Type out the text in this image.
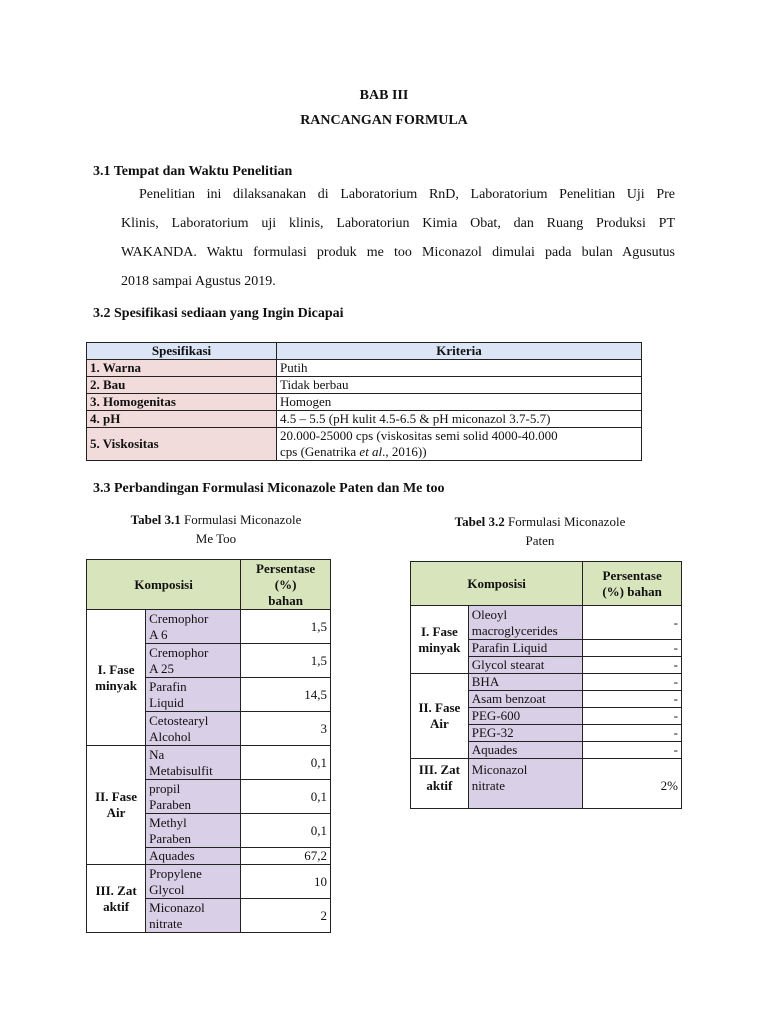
BAB III
RANCANGAN FORMULA
3.1 Tempat dan Waktu Penelitian
Penelitian ini dilaksanakan di Laboratorium RnD, Laboratorium Penelitian Uji Pre
Klinis, Laboratorium uji klinis, Laboratoriun Kimia Obat, dan Ruang Produksi PT
WAKANDA. Waktu formulasi produk me too Miconazol dimulai pada bulan Agusutus
2018 sampai Agustus 2019.
3.2 Spesifikasi sediaan yang Ingin Dicapai
Spesifikasi	Kriteria
1. Warna	Putih
2. Bau	Tidak berbau
3. Homogenitas	Homogen
4. pH	4.5 – 5.5 (pH kulit 4.5-6.5 & pH miconazol 3.7-5.7)
5. Viskositas	20.000-25000 cps (viskositas semi solid 4000-40.000
cps (Genatrika et al., 2016))
3.3 Perbandingan Formulasi Miconazole Paten dan Me too
Tabel 3.1 Formulasi Miconazole
Me Too
Tabel 3.2 Formulasi Miconazole
Paten
Komposisi		Persentase
(%)
bahan
I. Fase
minyak	Cremophor
A 6	1,5
	Cremophor
A 25	1,5
	Parafin
Liquid	14,5
	Cetostearyl
Alcohol	3
II. Fase
Air	Na
Metabisulfit	0,1
	propil
Paraben	0,1
	Methyl
Paraben	0,1
	Aquades	67,2
III. Zat
aktif	Propylene
Glycol	10
	Miconazol
nitrate	2
Komposisi		Persentase
(%) bahan
I. Fase
minyak	Oleoyl
macroglycerides	-
	Parafin Liquid	-
	Glycol stearat	-
II. Fase
Air	BHA	-
	Asam benzoat	-
	PEG-600	-
	PEG-32	-
	Aquades	-
III. Zat
aktif	Miconazol
nitrate	2%
